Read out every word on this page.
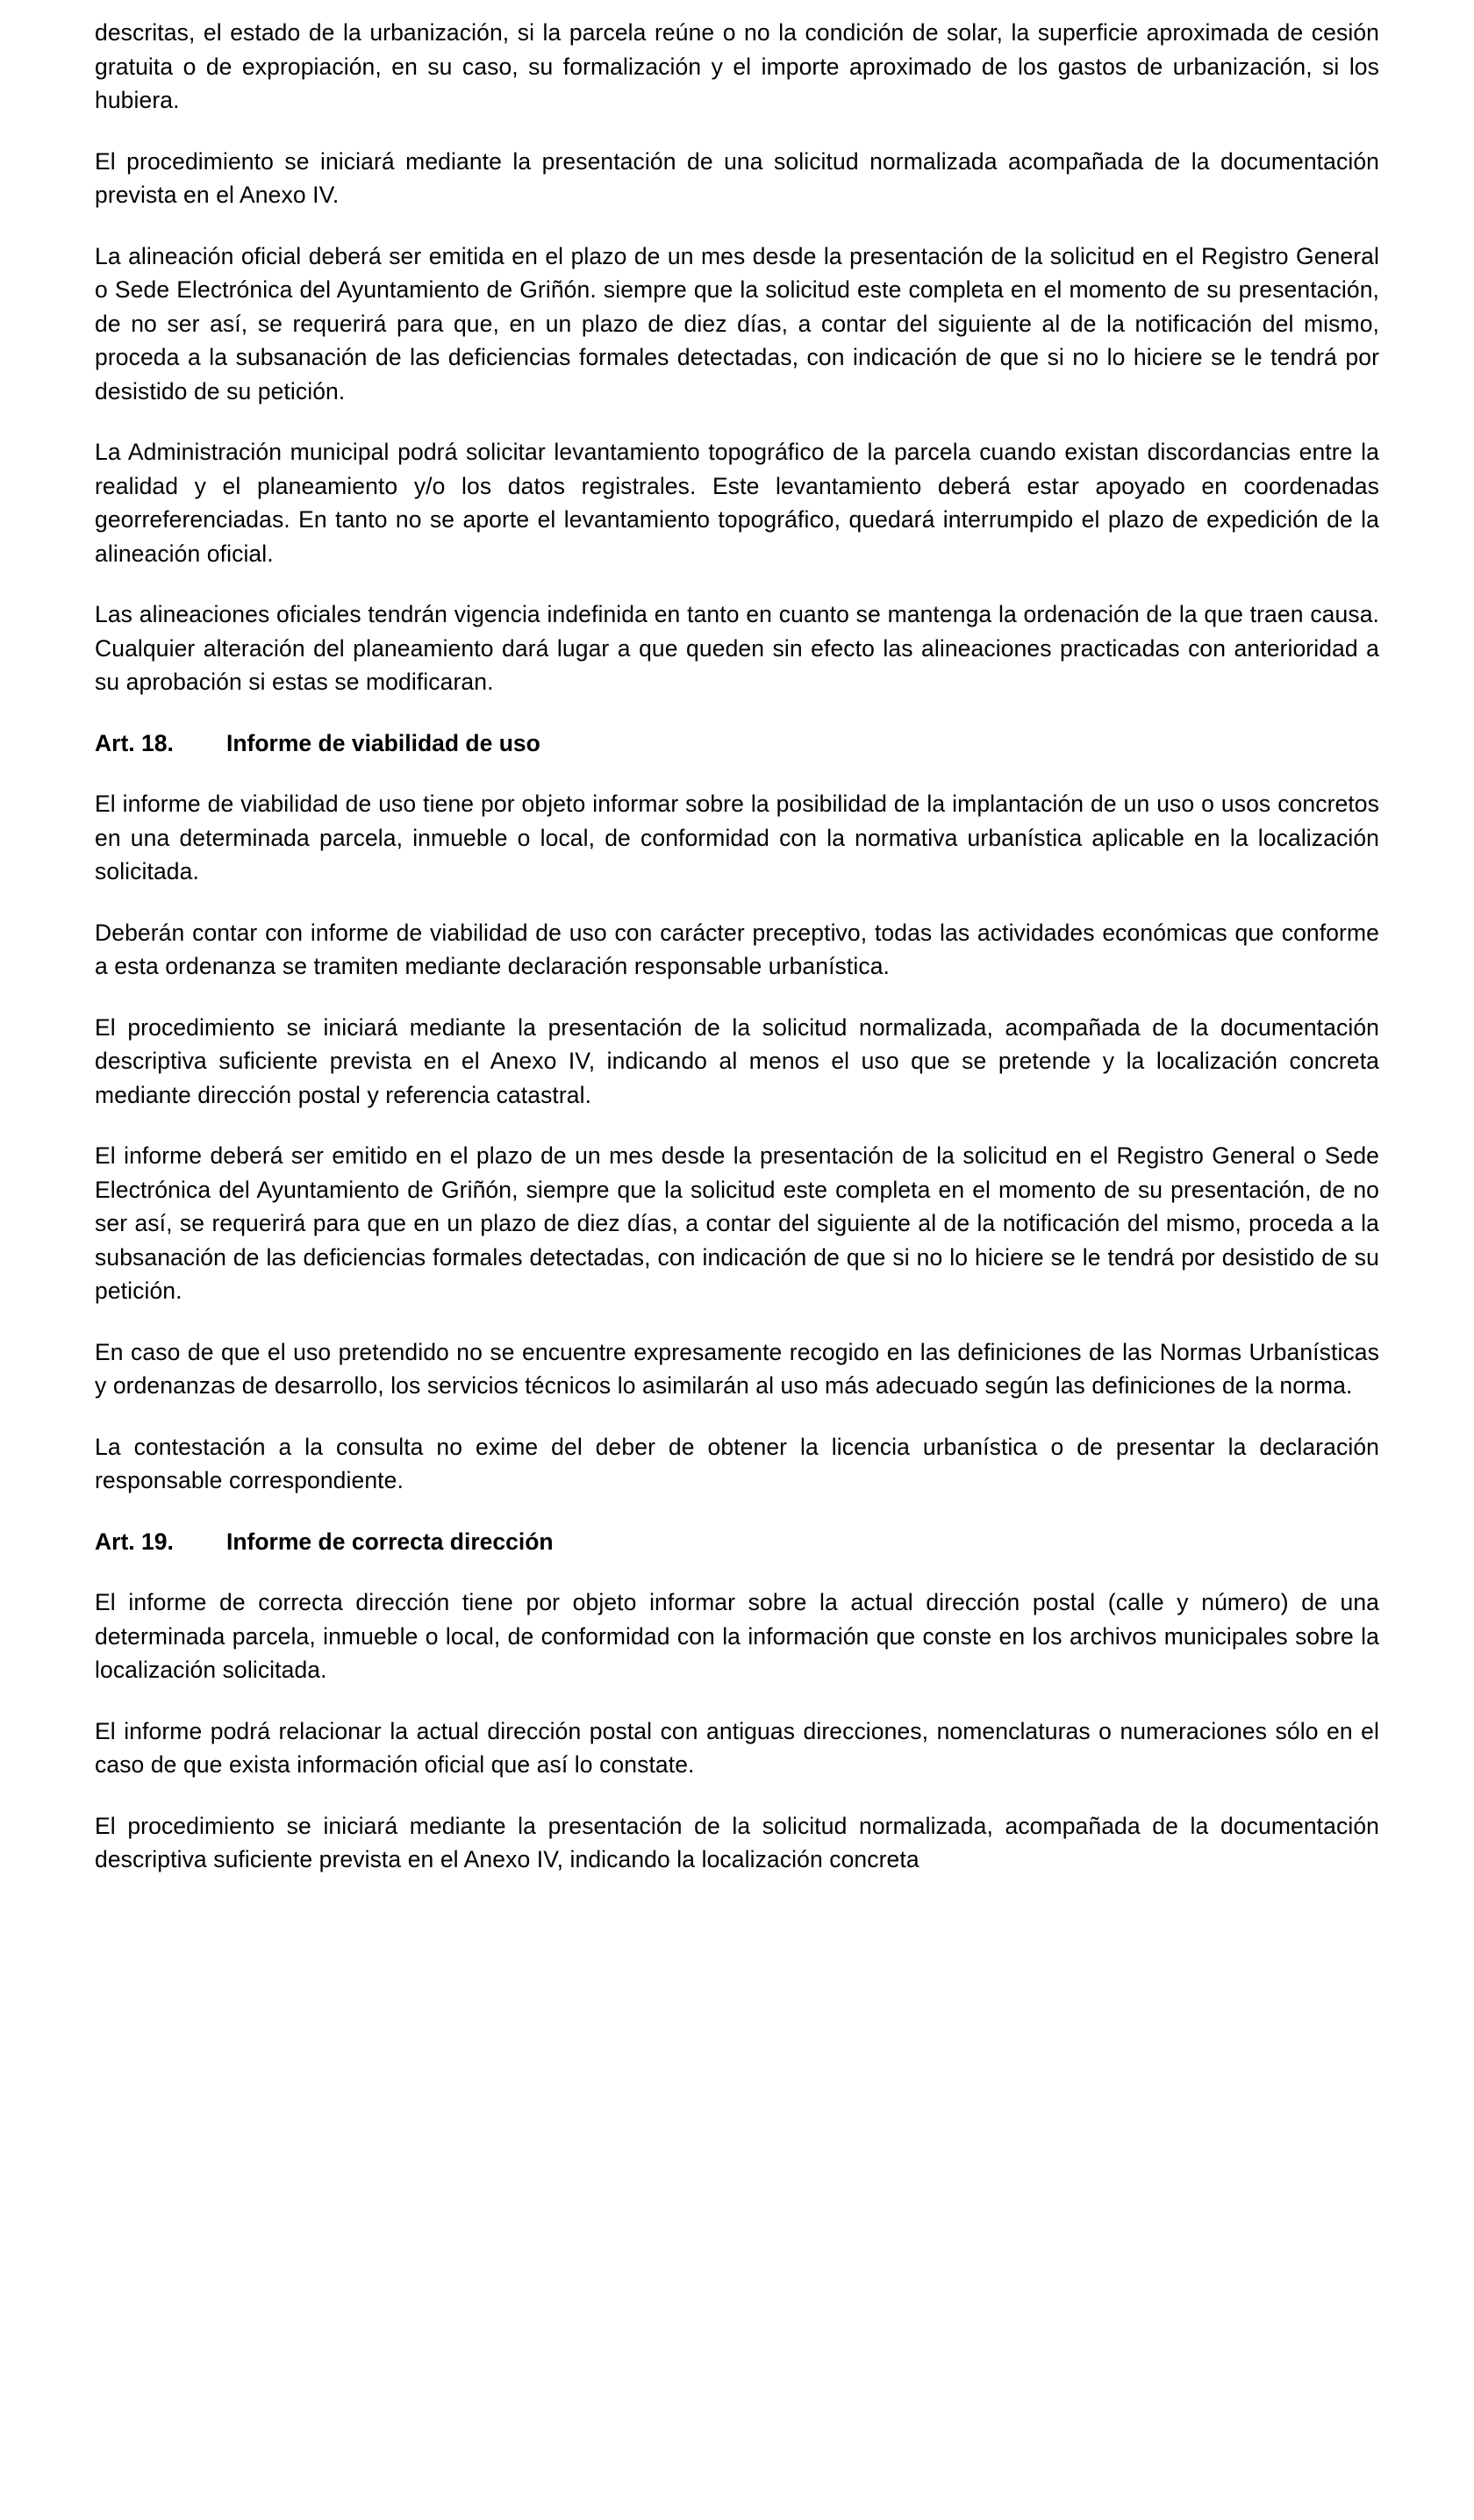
descritas, el estado de la urbanización, si la parcela reúne o no la condición de solar, la superficie aproximada de cesión gratuita o de expropiación, en su caso, su formalización y el importe aproximado de los gastos de urbanización, si los hubiera.

El procedimiento se iniciará mediante la presentación de una solicitud normalizada acompañada de la documentación prevista en el Anexo IV.

La alineación oficial deberá ser emitida en el plazo de un mes desde la presentación de la solicitud en el Registro General o Sede Electrónica del Ayuntamiento de Griñón. siempre que la solicitud este completa en el momento de su presentación, de no ser así, se requerirá para que, en un plazo de diez días, a contar del siguiente al de la notificación del mismo, proceda a la subsanación de las deficiencias formales detectadas, con indicación de que si no lo hiciere se le tendrá por desistido de su petición.

La Administración municipal podrá solicitar levantamiento topográfico de la parcela cuando existan discordancias entre la realidad y el planeamiento y/o los datos registrales. Este levantamiento deberá estar apoyado en coordenadas georreferenciadas. En tanto no se aporte el levantamiento topográfico, quedará interrumpido el plazo de expedición de la alineación oficial.

Las alineaciones oficiales tendrán vigencia indefinida en tanto en cuanto se mantenga la ordenación de la que traen causa. Cualquier alteración del planeamiento dará lugar a que queden sin efecto las alineaciones practicadas con anterioridad a su aprobación si estas se modificaran.

Art. 18.	Informe de viabilidad de uso

El informe de viabilidad de uso tiene por objeto informar sobre la posibilidad de la implantación de un uso o usos concretos en una determinada parcela, inmueble o local, de conformidad con la normativa urbanística aplicable en la localización solicitada.

Deberán contar con informe de viabilidad de uso con carácter preceptivo, todas las actividades económicas que conforme a esta ordenanza se tramiten mediante declaración responsable urbanística.

El procedimiento se iniciará mediante la presentación de la solicitud normalizada, acompañada de la documentación descriptiva suficiente prevista en el Anexo IV, indicando al menos el uso que se pretende y la localización concreta mediante dirección postal y referencia catastral.

El informe deberá ser emitido en el plazo de un mes desde la presentación de la solicitud en el Registro General o Sede Electrónica del Ayuntamiento de Griñón, siempre que la solicitud este completa en el momento de su presentación, de no ser así, se requerirá para que en un plazo de diez días, a contar del siguiente al de la notificación del mismo, proceda a la subsanación de las deficiencias formales detectadas, con indicación de que si no lo hiciere se le tendrá por desistido de su petición.

En caso de que el uso pretendido no se encuentre expresamente recogido en las definiciones de las Normas Urbanísticas y ordenanzas de desarrollo, los servicios técnicos lo asimilarán al uso más adecuado según las definiciones de la norma.

La contestación a la consulta no exime del deber de obtener la licencia urbanística o de presentar la declaración responsable correspondiente.

Art. 19.	Informe de correcta dirección

El informe de correcta dirección tiene por objeto informar sobre la actual dirección postal (calle y número) de una determinada parcela, inmueble o local, de conformidad con la información que conste en los archivos municipales sobre la localización solicitada.

El informe podrá relacionar la actual dirección postal con antiguas direcciones, nomenclaturas o numeraciones sólo en el caso de que exista información oficial que así lo constate.

El procedimiento se iniciará mediante la presentación de la solicitud normalizada, acompañada de la documentación descriptiva suficiente prevista en el Anexo IV, indicando la localización concreta
